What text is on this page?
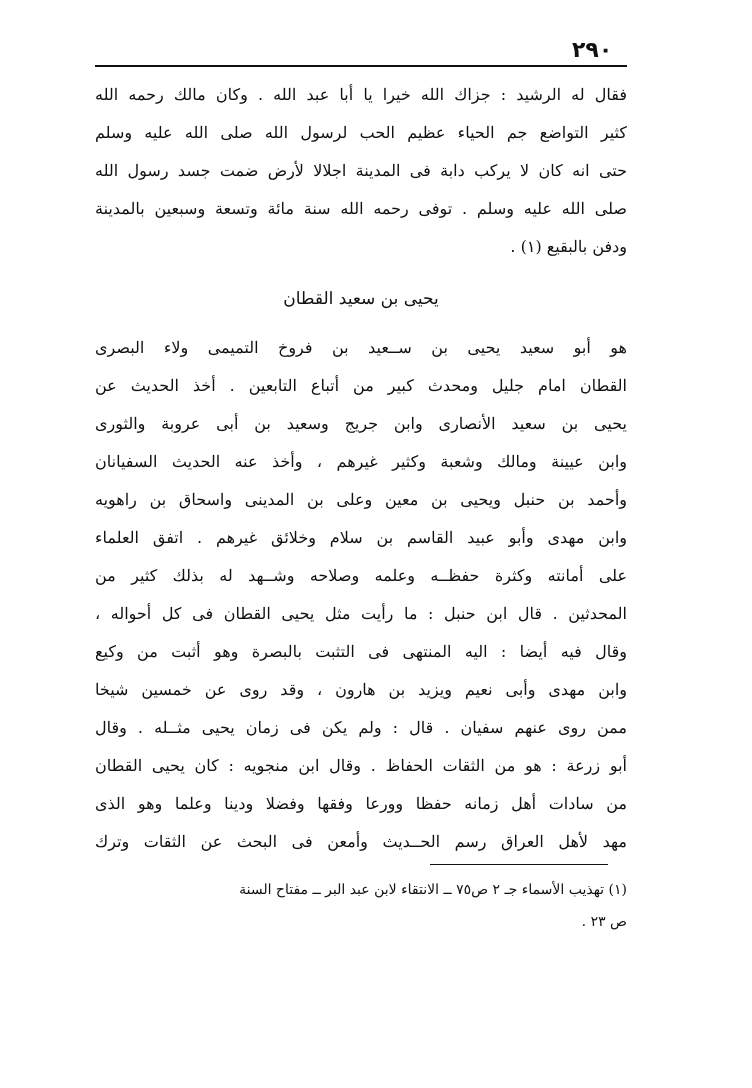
٢٩٠
فقال له الرشيد : جزاك الله خيرا يا أبا عبد الله . وكان مالك رحمه الله
كثير التواضع جم الحياء عظيم الحب لرسول الله صلى الله عليه وسلم
حتى انه كان لا يركب دابة فى المدينة اجلالا لأرض ضمت جسد رسول الله
صلى الله عليه وسلم . توفى رحمه الله سنة مائة وتسعة وسبعين بالمدينة
ودفن بالبقيع (١) .
يحيى بن سعيد القطان
هو أبو سعيد يحيى بن ســعيد بن فروخ التميمى ولاء البصرى
القطان امام جليل ومحدث كبير من أتباع التابعين . أخذ الحديث عن
يحيى بن سعيد الأنصارى وابن جريج وسعيد بن أبى عروبة والثورى
وابن عيينة ومالك وشعبة وكثير غيرهم ، وأخذ عنه الحديث السفيانان
وأحمد بن حنبل ويحيى بن معين وعلى بن المدينى واسحاق بن راهويه
وابن مهدى وأبو عبيد القاسم بن سلام وخلائق غيرهم . اتفق العلماء
على أمانته وكثرة حفظــه وعلمه وصلاحه وشــهد له بذلك كثير من
المحدثين . قال ابن حنبل : ما رأيت مثل يحيى القطان فى كل أحواله ،
وقال فيه أيضا : اليه المنتهى فى التثبت بالبصرة وهو أثبت من وكيع
وابن مهدى وأبى نعيم ويزيد بن هارون ، وقد روى عن خمسين شيخا
ممن روى عنهم سفيان . قال : ولم يكن فى زمان يحيى مثــله . وقال
أبو زرعة : هو من الثقات الحفاظ . وقال ابن منجويه : كان يحيى القطان
من سادات أهل زمانه حفظا وورعا وفقها وفضلا ودينا وعلما وهو الذى
مهد لأهل العراق رسم الحــديث وأمعن فى البحث عن الثقات وترك
(١) تهذيب الأسماء جـ ٢ ص٧٥ ــ الانتقاء لابن عبد البر ــ مفتاح السنة
ص ٢٣ .
